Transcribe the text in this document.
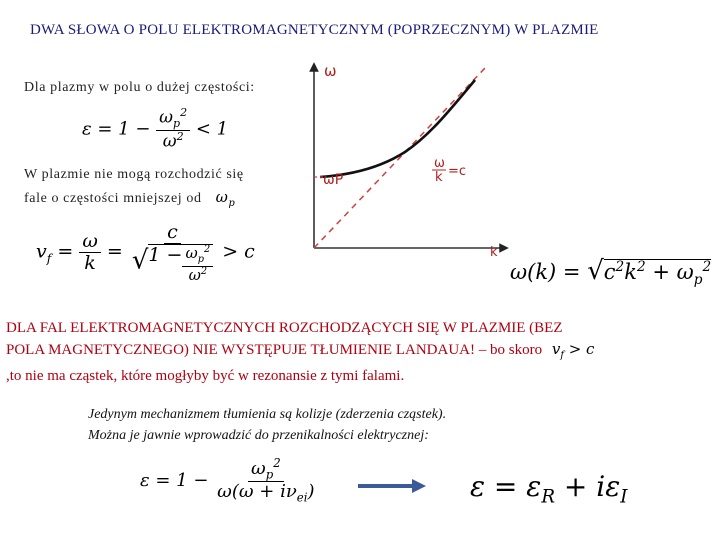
DWA SŁOWA O POLU ELEKTROMAGNETYCZNYM (POPRZECZNYM) W PLAZMIE
Dla plazmy w polu o dużej częstości:
$\varepsilon = 1 - \frac{\omega_p^2}{\omega^2} < 1$
W plazmie nie mogą rozchodzić się
fale o częstości mniejszej od $\omega_p$
$v_f = \frac{\omega}{k} = \frac{c}{√1 - \frac{\omega_p^2}{\omega^2}} > c$
ω
k
ωP
ω
k =c
$\omega(k) = √c^2k^2 + \omega_p^2$
DLA FAL ELEKTROMAGNETYCZNYCH ROZCHODZĄCYCH SIĘ W PLAZMIE (BEZ
POLA MAGNETYCZNEGO) NIE WYSTĘPUJE TŁUMIENIE LANDAUA! – bo skoro $v_f > c$
,to nie ma cząstek, które mogłyby być w rezonansie z tymi falami.
Jedynym mechanizmem tłumienia są kolizje (zderzenia cząstek).
Można je jawnie wprowadzić do przenikalności elektrycznej:
$\varepsilon = 1 - \frac{\omega_p^2}{\omega(\omega + i\nu_{ei})}$	$\varepsilon = \varepsilon_R + i\varepsilon_I$
